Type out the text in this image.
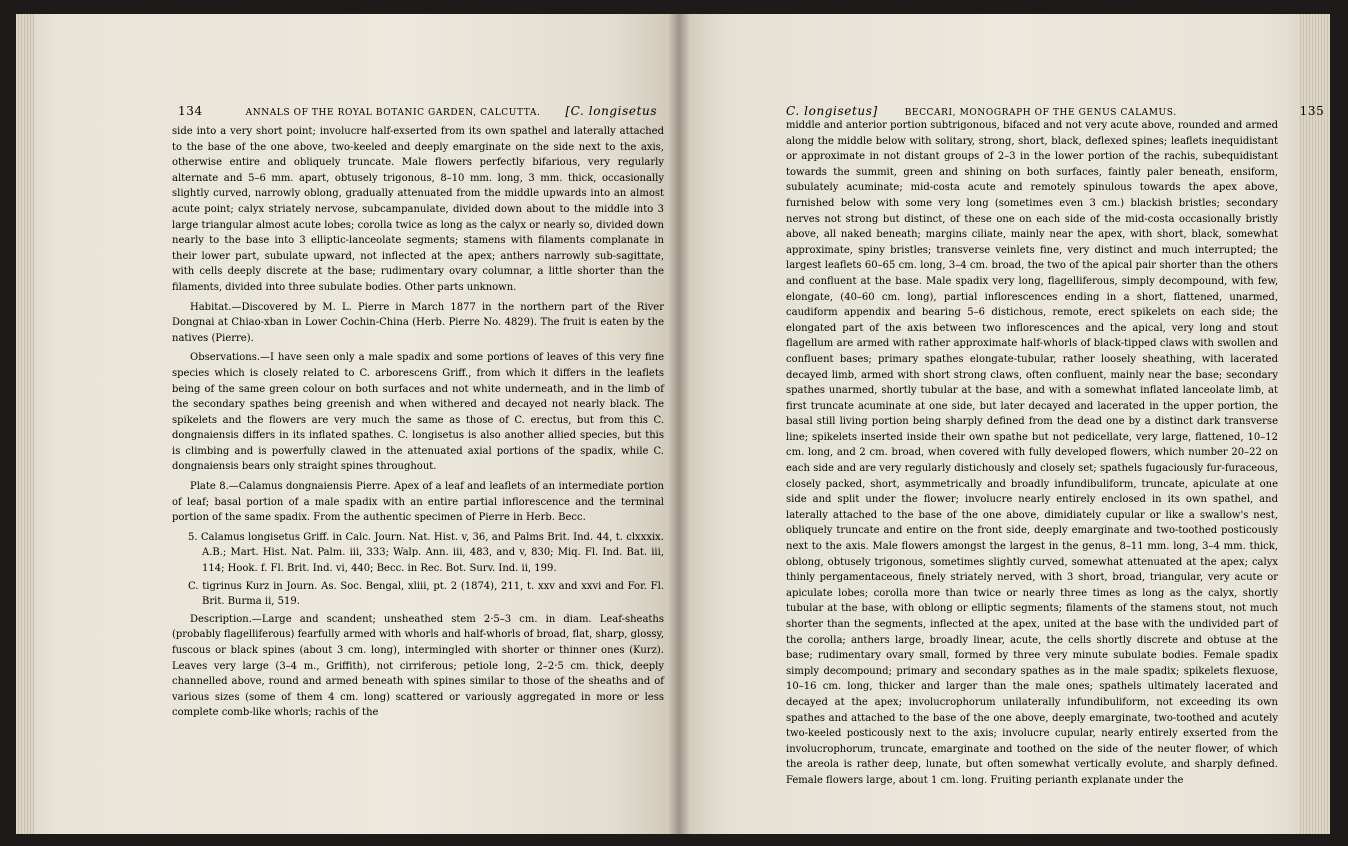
134	ANNALS OF THE ROYAL BOTANIC GARDEN, CALCUTTA. [C. longisetus

side into a very short point; involucre half-exserted from its own spathel and laterally attached to the base of the one above, two-keeled and deeply emarginate on the side next to the axis, otherwise entire and obliquely truncate. Male flowers perfectly bifarious, very regularly alternate and 5–6 mm. apart, obtusely trigonous, 8–10 mm. long, 3 mm. thick, occasionally slightly curved, narrowly oblong, gradually attenuated from the middle upwards into an almost acute point; calyx striately nervose, subcampanulate, divided down about to the middle into 3 large triangular almost acute lobes; corolla twice as long as the calyx or nearly so, divided down nearly to the base into 3 elliptic-lanceolate segments; stamens with filaments complanate in their lower part, subulate upward, not inflected at the apex; anthers narrowly sub-sagittate, with cells deeply discrete at the base; rudimentary ovary columnar, a little shorter than the filaments, divided into three subulate bodies. Other parts unknown.

Habitat.—Discovered by M. L. Pierre in March 1877 in the northern part of the River Dongnai at Chiao-xban in Lower Cochin-China (Herb. Pierre No. 4829). The fruit is eaten by the natives (Pierre).

Observations.—I have seen only a male spadix and some portions of leaves of this very fine species which is closely related to C. arborescens Griff., from which it differs in the leaflets being of the same green colour on both surfaces and not white underneath, and in the limb of the secondary spathes being greenish and when withered and decayed not nearly black. The spikelets and the flowers are very much the same as those of C. erectus, but from this C. dongnaiensis differs in its inflated spathes. C. longisetus is also another allied species, but this is climbing and is powerfully clawed in the attenuated axial portions of the spadix, while C. dongnaiensis bears only straight spines throughout.

Plate 8.—Calamus dongnaiensis Pierre. Apex of a leaf and leaflets of an intermediate portion of leaf; basal portion of a male spadix with an entire partial inflorescence and the terminal portion of the same spadix. From the authentic specimen of Pierre in Herb. Becc.

5. Calamus longisetus Griff. in Calc. Journ. Nat. Hist. v, 36, and Palms Brit. Ind. 44, t. clxxxix. A.B.; Mart. Hist. Nat. Palm. iii, 333; Walp. Ann. iii, 483, and v, 830; Miq. Fl. Ind. Bat. iii, 114; Hook. f. Fl. Brit. Ind. vi, 440; Becc. in Rec. Bot. Surv. Ind. ii, 199.

C. tigrinus Kurz in Journ. As. Soc. Bengal, xliii, pt. 2 (1874), 211, t. xxv and xxvi and For. Fl. Brit. Burma ii, 519.

Description.—Large and scandent; unsheathed stem 2·5–3 cm. in diam. Leaf-sheaths (probably flagelliferous) fearfully armed with whorls and half-whorls of broad, flat, sharp, glossy, fuscous or black spines (about 3 cm. long), intermingled with shorter or thinner ones (Kurz). Leaves very large (3–4 m., Griffith), not cirriferous; petiole long, 2–2·5 cm. thick, deeply channelled above, round and armed beneath with spines similar to those of the sheaths and of various sizes (some of them 4 cm. long) scattered or variously aggregated in more or less complete comb-like whorls; rachis of the

C. longisetus]	BECCARI, MONOGRAPH OF THE GENUS CALAMUS.	135

middle and anterior portion subtrigonous, bifaced and not very acute above, rounded and armed along the middle below with solitary, strong, short, black, deflexed spines; leaflets inequidistant or approximate in not distant groups of 2–3 in the lower portion of the rachis, subequidistant towards the summit, green and shining on both surfaces, faintly paler beneath, ensiform, subulately acuminate; mid-costa acute and remotely spinulous towards the apex above, furnished below with some very long (sometimes even 3 cm.) blackish bristles; secondary nerves not strong but distinct, of these one on each side of the mid-costa occasionally bristly above, all naked beneath; margins ciliate, mainly near the apex, with short, black, somewhat approximate, spiny bristles; transverse veinlets fine, very distinct and much interrupted; the largest leaflets 60–65 cm. long, 3–4 cm. broad, the two of the apical pair shorter than the others and confluent at the base. Male spadix very long, flagelliferous, simply decompound, with few, elongate, (40–60 cm. long), partial inflorescences ending in a short, flattened, unarmed, caudiform appendix and bearing 5–6 distichous, remote, erect spikelets on each side; the elongated part of the axis between two inflorescences and the apical, very long and stout flagellum are armed with rather approximate half-whorls of black-tipped claws with swollen and confluent bases; primary spathes elongate-tubular, rather loosely sheathing, with lacerated decayed limb, armed with short strong claws, often confluent, mainly near the base; secondary spathes unarmed, shortly tubular at the base, and with a somewhat inflated lanceolate limb, at first truncate acuminate at one side, but later decayed and lacerated in the upper portion, the basal still living portion being sharply defined from the dead one by a distinct dark transverse line; spikelets inserted inside their own spathe but not pedicellate, very large, flattened, 10–12 cm. long, and 2 cm. broad, when covered with fully developed flowers, which number 20–22 on each side and are very regularly distichously and closely set; spathels fugaciously fur-furaceous, closely packed, short, asymmetrically and broadly infundibuliform, truncate, apiculate at one side and split under the flower; involucre nearly entirely enclosed in its own spathel, and laterally attached to the base of the one above, dimidiately cupular or like a swallow's nest, obliquely truncate and entire on the front side, deeply emarginate and two-toothed posticously next to the axis. Male flowers amongst the largest in the genus, 8–11 mm. long, 3–4 mm. thick, oblong, obtusely trigonous, sometimes slightly curved, somewhat attenuated at the apex; calyx thinly pergamentaceous, finely striately nerved, with 3 short, broad, triangular, very acute or apiculate lobes; corolla more than twice or nearly three times as long as the calyx, shortly tubular at the base, with oblong or elliptic segments; filaments of the stamens stout, not much shorter than the segments, inflected at the apex, united at the base with the undivided part of the corolla; anthers large, broadly linear, acute, the cells shortly discrete and obtuse at the base; rudimentary ovary small, formed by three very minute subulate bodies. Female spadix simply decompound; primary and secondary spathes as in the male spadix; spikelets flexuose, 10–16 cm. long, thicker and larger than the male ones; spathels ultimately lacerated and decayed at the apex; involucrophorum unilaterally infundibuliform, not exceeding its own spathes and attached to the base of the one above, deeply emarginate, two-toothed and acutely two-keeled posticously next to the axis; involucre cupular, nearly entirely exserted from the involucrophorum, truncate, emarginate and toothed on the side of the neuter flower, of which the areola is rather deep, lunate, but often somewhat vertically evolute, and sharply defined. Female flowers large, about 1 cm. long. Fruiting perianth explanate under the
